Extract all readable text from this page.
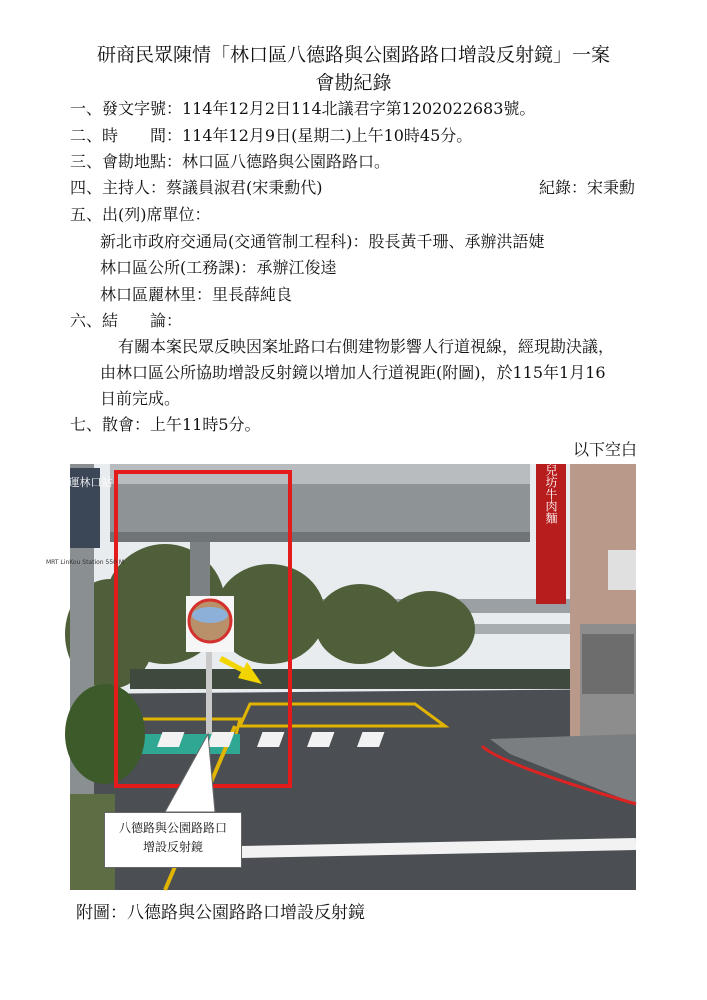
研商民眾陳情「林口區八德路與公園路路口增設反射鏡」一案
會勘紀錄
一、發文字號：114年12月2日114北議君字第1202022683號。
二、時　　間：114年12月9日(星期二)上午10時45分。
三、會勘地點：林口區八德路與公園路路口。
四、主持人：蔡議員淑君(宋秉勳代)	紀錄：宋秉勳
五、出(列)席單位：
新北市政府交通局(交通管制工程科)：股長黃千珊、承辦洪語婕
林口區公所(工務課)：承辦江俊逵
林口區麗林里：里長薛純良
六、結　　論：
有關本案民眾反映因案址路口右側建物影響人行道視線，經現勘決議，
由林口區公所協助增設反射鏡以增加人行道視距(附圖)，於115年1月16
日前完成。
七、散會：上午11時5分。
以下空白
捷運林口站
MRT LinKou Station 550 M
兒坊牛肉麵
八德路與公園路路口
增設反射鏡
附圖：八德路與公園路路口增設反射鏡
